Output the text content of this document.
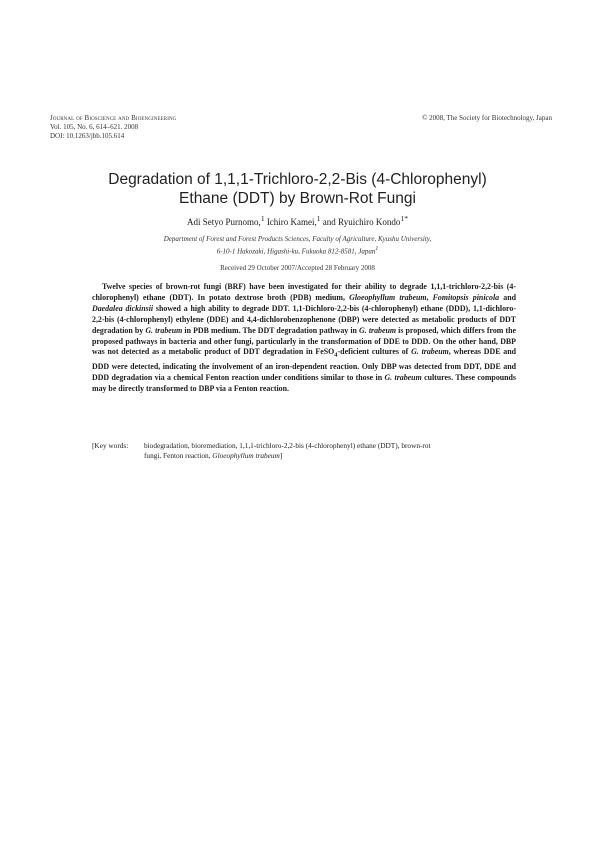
Journal of Bioscience and Bioengineering
Vol. 105, No. 6, 614–621. 2008
DOI: 10.1263/jbb.105.614
© 2008, The Society for Biotechnology, Japan
Degradation of 1,1,1-Trichloro-2,2-Bis (4-Chlorophenyl)
Ethane (DDT) by Brown-Rot Fungi
Adi Setyo Purnomo,$^1$ Ichiro Kamei,$^1$ and Ryuichiro Kondo$^{1*}$
Department of Forest and Forest Products Sciences, Faculty of Agriculture, Kyushu University,
6-10-1 Hakozaki, Higashi-ku, Fukuoka 812-8581, Japan$^1$
Received 29 October 2007/Accepted 28 February 2008
Twelve species of brown-rot fungi (BRF) have been investigated for their ability to degrade 1,1,1-trichloro-2,2-bis (4-chlorophenyl) ethane (DDT). In potato dextrose broth (PDB) medium, Gloeophyllum trabeum, Fomitopsis pinicola and Daedalea dickinsii showed a high ability to degrade DDT. 1,1-Dichloro-2,2-bis (4-chlorophenyl) ethane (DDD), 1,1-dichloro-2,2-bis (4-chlorophenyl) ethylene (DDE) and 4,4-dichlorobenzophenone (DBP) were detected as metabolic products of DDT degradation by G. trabeum in PDB medium. The DDT degradation pathway in G. trabeum is proposed, which differs from the proposed pathways in bacteria and other fungi, particularly in the transformation of DDE to DDD. On the other hand, DBP was not detected as a metabolic product of DDT degradation in FeSO$_4$-deficient cultures of G. trabeum, whereas DDE and DDD were detected, indicating the involvement of an iron-dependent reaction. Only DBP was detected from DDT, DDE and DDD degradation via a chemical Fenton reaction under conditions similar to those in G. trabeum cultures. These compounds may be directly transformed to DBP via a Fenton reaction.
[Key words: biodegradation, bioremediation, 1,1,1-trichloro-2,2-bis (4-chlorophenyl) ethane (DDT), brown-rot
fungi, Fenton reaction, Gloeophyllum trabeum]
